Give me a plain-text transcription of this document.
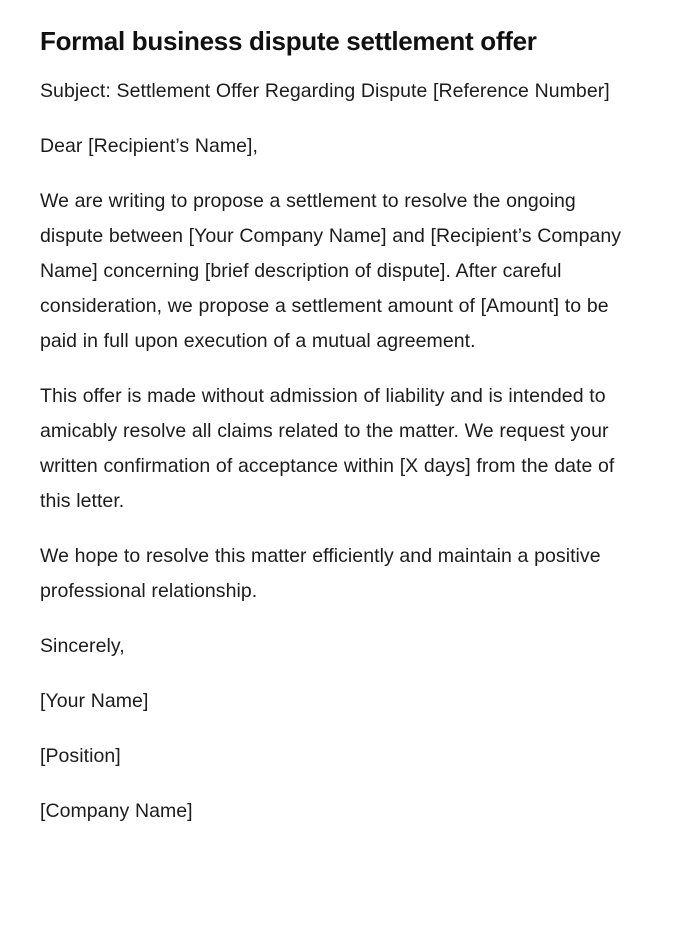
Formal business dispute settlement offer

Subject: Settlement Offer Regarding Dispute [Reference Number]

Dear [Recipient’s Name],

We are writing to propose a settlement to resolve the ongoing dispute between [Your Company Name] and [Recipient’s Company Name] concerning [brief description of dispute]. After careful consideration, we propose a settlement amount of [Amount] to be paid in full upon execution of a mutual agreement.

This offer is made without admission of liability and is intended to amicably resolve all claims related to the matter. We request your written confirmation of acceptance within [X days] from the date of this letter.

We hope to resolve this matter efficiently and maintain a positive professional relationship.

Sincerely,

[Your Name]

[Position]

[Company Name]
